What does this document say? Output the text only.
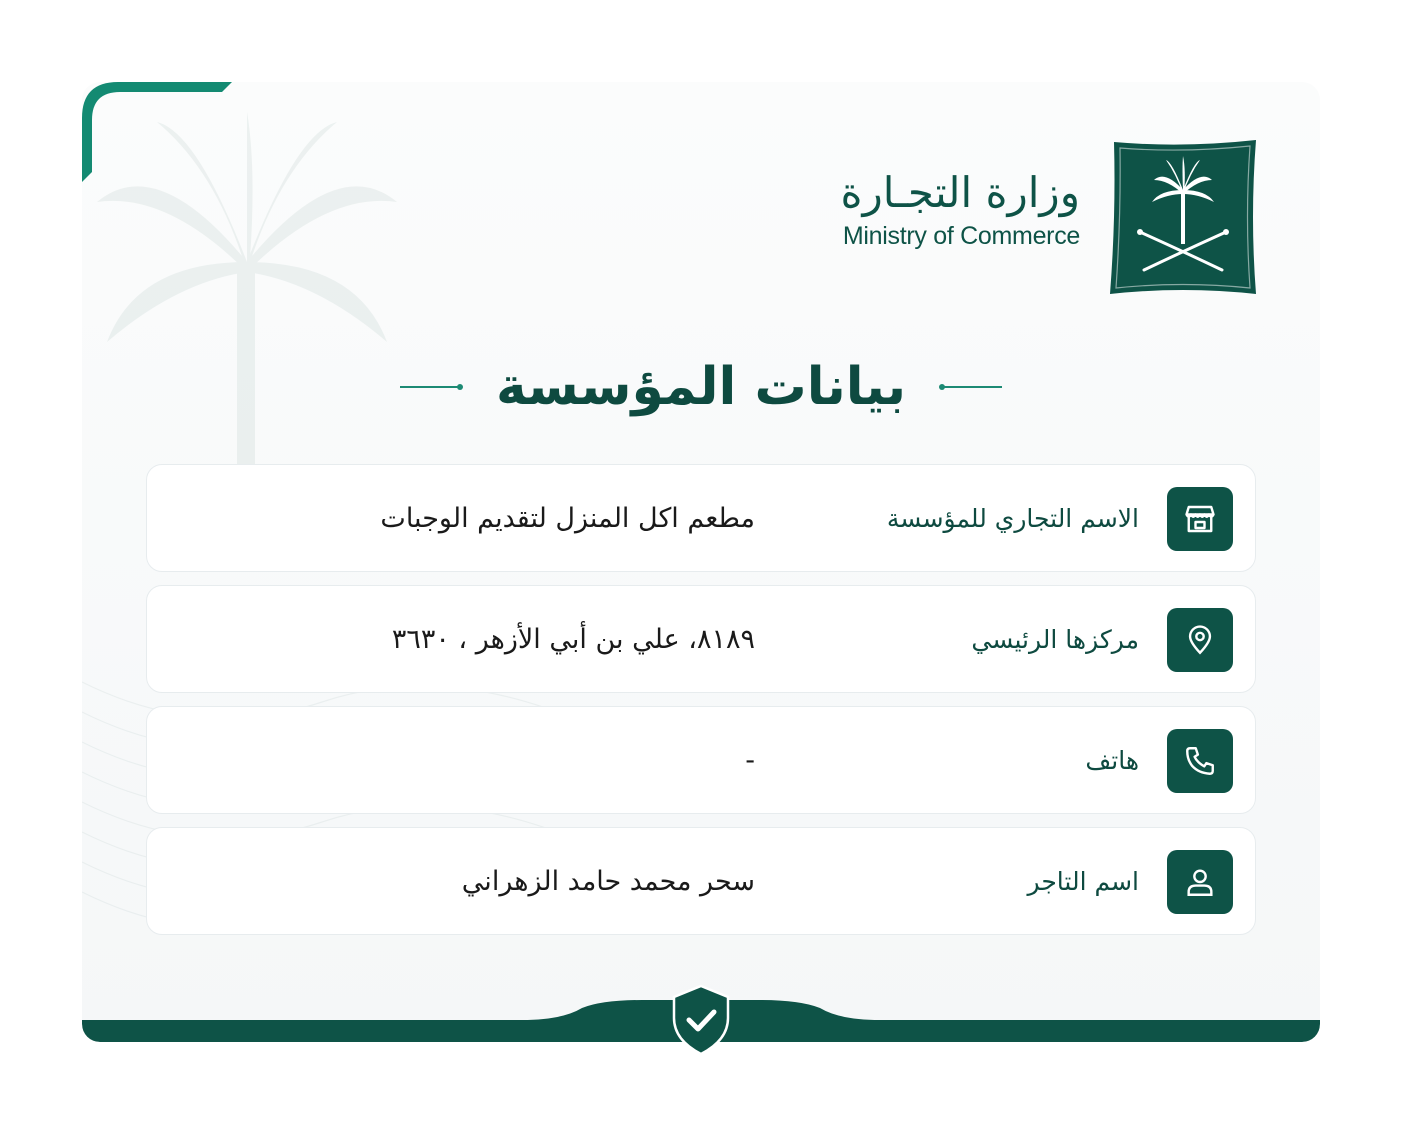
وزارة التجـارة
Ministry of Commerce
بيانات المؤسسة
الاسم التجاري للمؤسسة
مطعم اكل المنزل لتقديم الوجبات
مركزها الرئيسي
٨١٨٩، علي بن أبي الأزهر ، ٣٦٣٠
هاتف
-
اسم التاجر
سحر محمد حامد الزهراني
